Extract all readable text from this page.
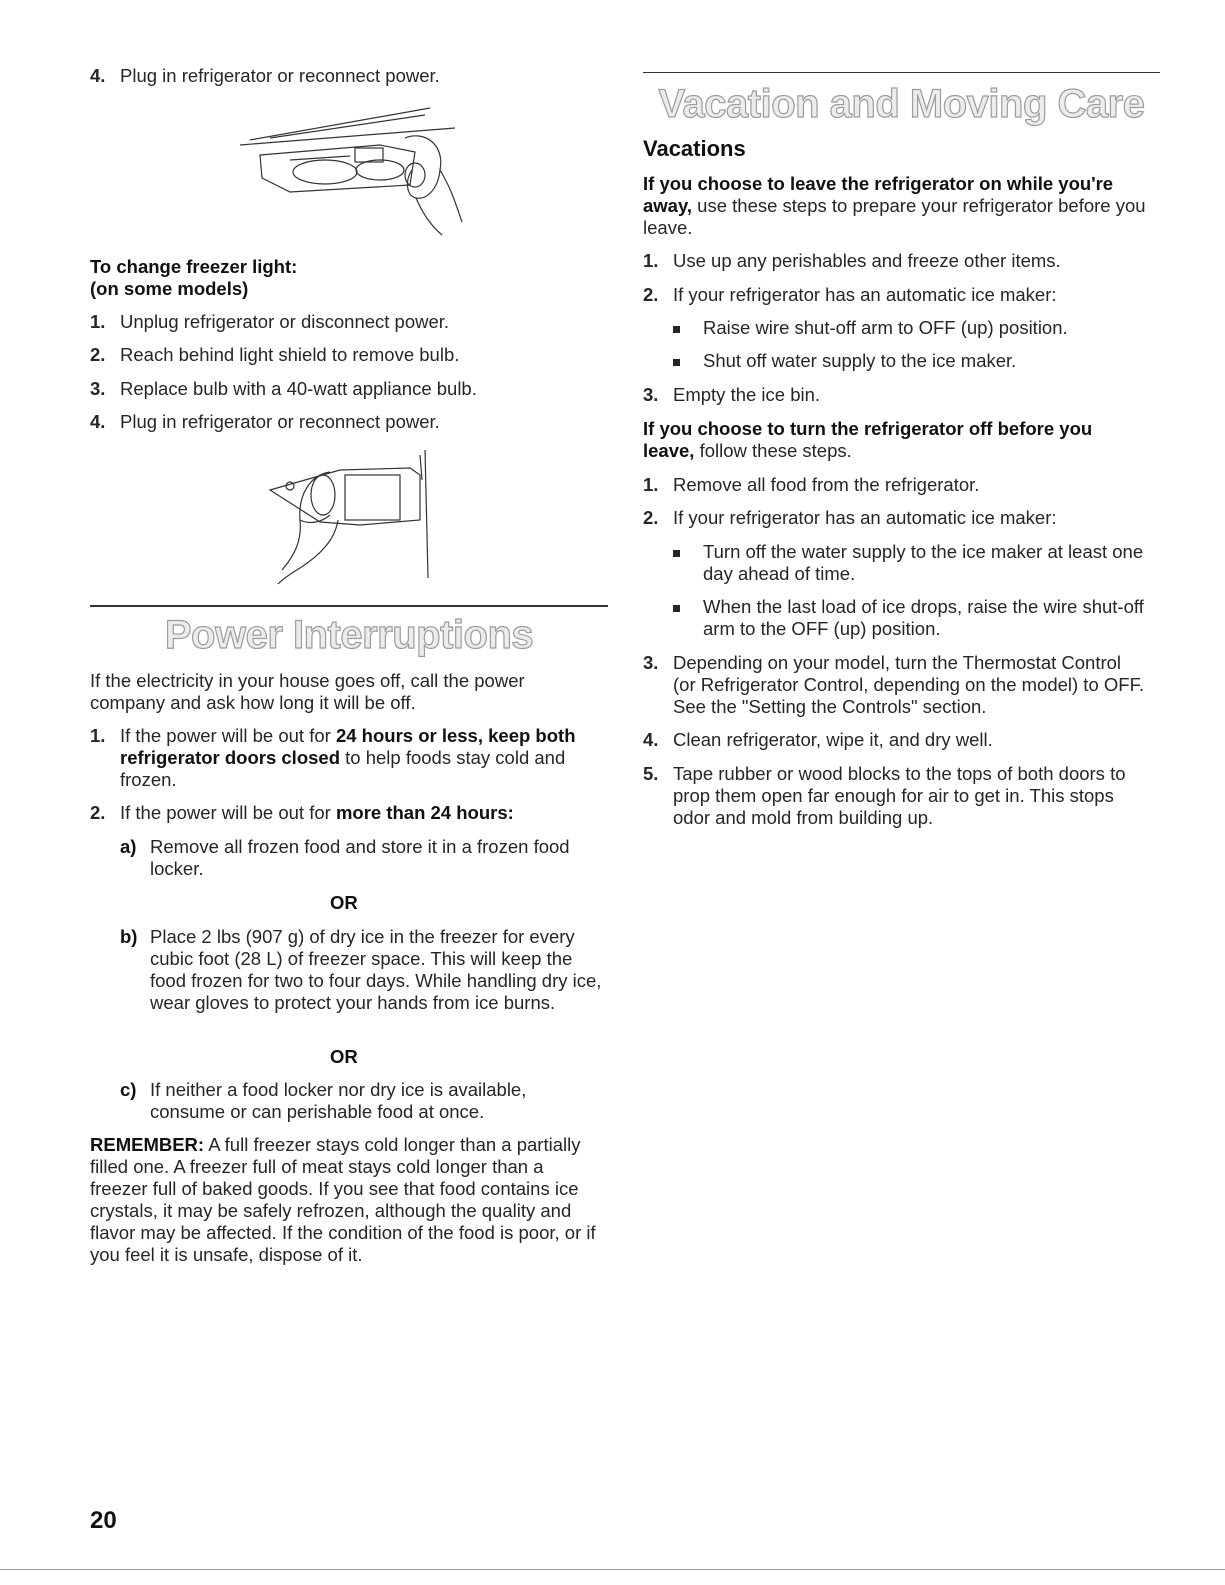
4. Plug in refrigerator or reconnect power.

To change freezer light:

(on some models)

1. Unplug refrigerator or disconnect power.
2. Reach behind light shield to remove bulb.
3. Replace bulb with a 40-watt appliance bulb.
4. Plug in refrigerator or reconnect power.
Power Interruptions

If the electricity in your house goes off, call the power company and ask how long it will be off.

1. If the power will be out for 24 hours or less, keep both refrigerator doors closed to help foods stay cold and frozen.
2. If the power will be out for more than 24 hours:
a) Remove all frozen food and store it in a frozen food locker.
OR
b) Place 2 lbs (907 g) of dry ice in the freezer for every cubic foot (28 L) of freezer space. This will keep the food frozen for two to four days. While handling dry ice, wear gloves to protect your hands from ice burns.
OR
c) If neither a food locker nor dry ice is available, consume or can perishable food at once.

REMEMBER: A full freezer stays cold longer than a partially filled one. A freezer full of meat stays cold longer than a freezer full of baked goods. If you see that food contains ice crystals, it may be safely refrozen, although the quality and flavor may be affected. If the condition of the food is poor, or if you feel it is unsafe, dispose of it.

Vacation and Moving Care
Vacations

If you choose to leave the refrigerator on while you're away, use these steps to prepare your refrigerator before you leave.

1. Use up any perishables and freeze other items.
2. If your refrigerator has an automatic ice maker:
Raise wire shut-off arm to OFF (up) position.
Shut off water supply to the ice maker.
3. Empty the ice bin.

If you choose to turn the refrigerator off before you leave, follow these steps.

1. Remove all food from the refrigerator.
2. If your refrigerator has an automatic ice maker:
Turn off the water supply to the ice maker at least one day ahead of time.
When the last load of ice drops, raise the wire shut-off arm to the OFF (up) position.
3. Depending on your model, turn the Thermostat Control (or Refrigerator Control, depending on the model) to OFF. See the "Setting the Controls" section.
4. Clean refrigerator, wipe it, and dry well.
5. Tape rubber or wood blocks to the tops of both doors to prop them open far enough for air to get in. This stops odor and mold from building up.
20
